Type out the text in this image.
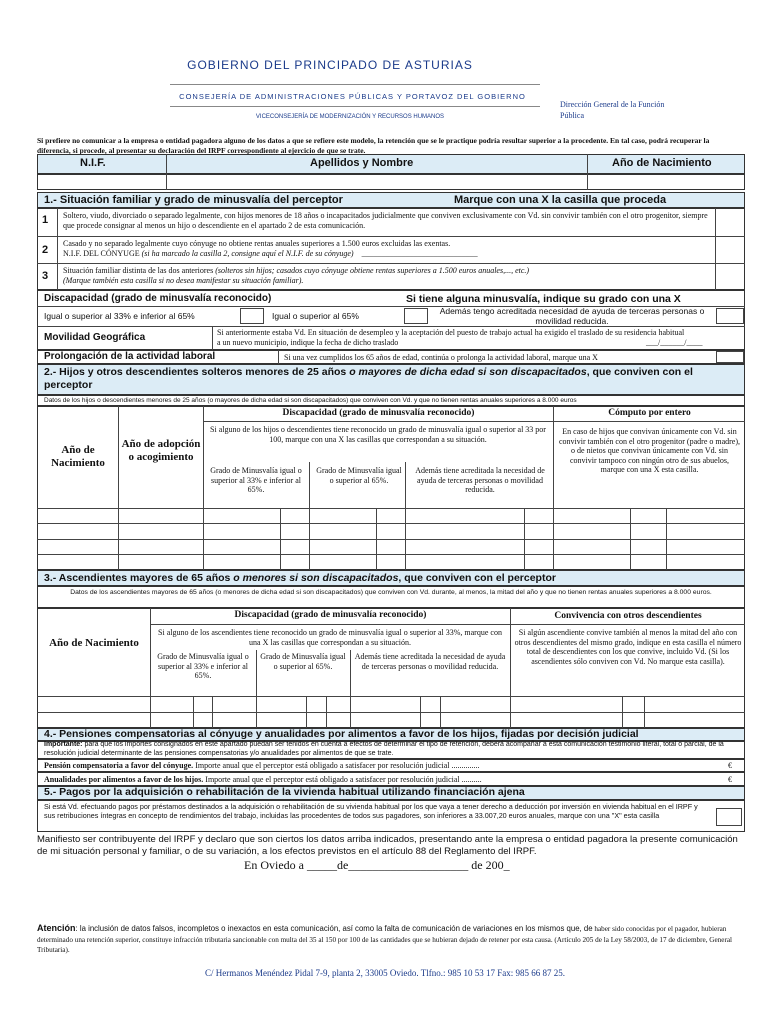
GOBIERNO DEL PRINCIPADO DE ASTURIAS
CONSEJERÍA DE ADMINISTRACIONES PÚBLICAS Y PORTAVOZ DEL GOBIERNO
VICECONSEJERÍA DE MODERNIZACIÓN Y RECURSOS HUMANOS
Dirección General de la Función Pública
Si prefiere no comunicar a la empresa o entidad pagadora alguno de los datos a que se refiere este modelo, la retención que se le practique podría resultar superior a la procedente. En tal caso, podrá recuperar la diferencia, si procede, al presentar su declaración del IRPF correspondiente al ejercicio de que se trate.
N.I.F.	Apellidos y Nombre	Año de Nacimiento
1.- Situación familiar y grado de minusvalía del perceptor	Marque con una X la casilla que proceda
1 Soltero, viudo, divorciado o separado legalmente, con hijos menores de 18 años o incapacitados judicialmente que conviven exclusivamente con Vd. sin convivir también con el otro progenitor, siempre que procede consignar al menos un hijo o descendiente en el apartado 2 de esta comunicación.
2
Casado y no separado legalmente cuyo cónyuge no obtiene rentas anuales superiores a 1.500 euros excluidas las exentas.
N.I.F. DEL CÓNYUGE (si ha marcado la casilla 2, consigne aquí el N.I.F. de su cónyuge) _____________________________
3 Situación familiar distinta de las dos anteriores (solteros sin hijos; casados cuyo cónyuge obtiene rentas superiores a 1.500 euros anuales,..., etc.)
(Marque también esta casilla si no desea manifestar su situación familiar).
Discapacidad (grado de minusvalía reconocido)	Si tiene alguna minusvalía, indique su grado con una X
Igual o superior al 33% e inferior al 65%	Igual o superior al 65%	Además tengo acreditada necesidad de ayuda de terceras personas o movilidad reducida.
Movilidad Geográfica	Si anteriormente estaba Vd. En situación de desempleo y la aceptación del puesto de trabajo actual ha exigido el traslado de su residencia habitual a un nuevo municipio, indique la fecha de dicho traslado	___/______/____
Prolongación de la actividad laboral	Si una vez cumplidos los 65 años de edad, continúa o prolonga la actividad laboral, marque una X
2.- Hijos y otros descendientes solteros menores de 25 años o mayores de dicha edad si son discapacitados, que conviven con el perceptor
Datos de los hijos o descendientes menores de 25 años (o mayores de dicha edad si son discapacitados) que conviven con Vd. y que no tienen rentas anuales superiores a 8.000 euros
Año de Nacimiento
Año de adopción o acogimiento
Discapacidad (grado de minusvalía reconocido)	Cómputo por entero
Si alguno de los hijos o descendientes tiene reconocido un grado de minusvalía igual o superior al 33 por 100, marque con una X las casillas que correspondan a su situación.
Grado de Minusvalía igual o superior al 33% e inferior al 65%.
Grado de Minusvalía igual o superior al 65%.
Además tiene acreditada la necesidad de ayuda de terceras personas o movilidad reducida.
En caso de hijos que convivan únicamente con Vd. sin convivir también con el otro progenitor (padre o madre), o de nietos que convivan únicamente con Vd. sin convivir tampoco con ningún otro de sus abuelos, marque con una X esta casilla.
3.- Ascendientes mayores de 65 años o menores si son discapacitados, que conviven con el perceptor
Datos de los ascendientes mayores de 65 años (o menores de dicha edad si son discapacitados) que conviven con Vd. durante, al menos, la mitad del año y que no tienen rentas anuales superiores a 8.000 euros.
Año de Nacimiento
Discapacidad (grado de minusvalía reconocido)	Convivencia con otros descendientes
Si alguno de los ascendientes tiene reconocido un grado de minusvalía igual o superior al 33%, marque con una X las casillas que correspondan a su situación.
Grado de Minusvalía igual o superior al 33% e inferior al 65%.
Grado de Minusvalía igual o superior al 65%.
Además tiene acreditada la necesidad de ayuda de terceras personas o movilidad reducida.
Si algún ascendiente convive también al menos la mitad del año con otros descendientes del mismo grado, indique en esta casilla el número total de descendientes con los que convive, incluido Vd. (Si los ascendientes sólo conviven con Vd. No marque esta casilla).
4.- Pensiones compensatorias al cónyuge y anualidades por alimentos a favor de los hijos, fijadas por decisión judicial
Importante: para que los importes consignados en este apartado puedan ser tenidos en cuenta a efectos de determinar el tipo de retención, deberá acompañar a esta comunicación testimonio literal, total o parcial, de la resolución judicial determinante de las pensiones compensatorias y/o anualidades por alimentos de que se trate.
Pensión compensatoria a favor del cónyuge. Importe anual que el perceptor está obligado a satisfacer por resolución judicial ..............	€
Anualidades por alimentos a favor de los hijos. Importe anual que el perceptor está obligado a satisfacer por resolución judicial ..........	€
5.- Pagos por la adquisición o rehabilitación de la vivienda habitual utilizando financiación ajena
Si está Vd. efectuando pagos por préstamos destinados a la adquisición o rehabilitación de su vivienda habitual por los que vaya a tener derecho a deducción por inversión en vivienda habitual en el IRPF y sus retribuciones íntegras en concepto de rendimientos del trabajo, incluidas las procedentes de todos sus pagadores, son inferiores a 33.007,20 euros anuales, marque con una "X" esta casilla
Manifiesto ser contribuyente del IRPF y declaro que son ciertos los datos arriba indicados, presentando ante la empresa o entidad pagadora la presente comunicación de mi situación personal y familiar, o de su variación, a los efectos previstos en el artículo 88 del Reglamento del IRPF.
En Oviedo a _____de____________________ de 200_
Atención: la inclusión de datos falsos, incompletos o inexactos en esta comunicación, así como la falta de comunicación de variaciones en los mismos que, de haber sido conocidas por el pagador, hubieran determinado una retención superior, constituye infracción tributaria sancionable con multa del 35 al 150 por 100 de las cantidades que se hubieran dejado de retener por esta causa. (Artículo 205 de la Ley 58/2003, de 17 de diciembre, General Tributaria).
C/ Hermanos Menéndez Pidal 7-9, planta 2, 33005 Oviedo. Tlfno.: 985 10 53 17 Fax: 985 66 87 25.
